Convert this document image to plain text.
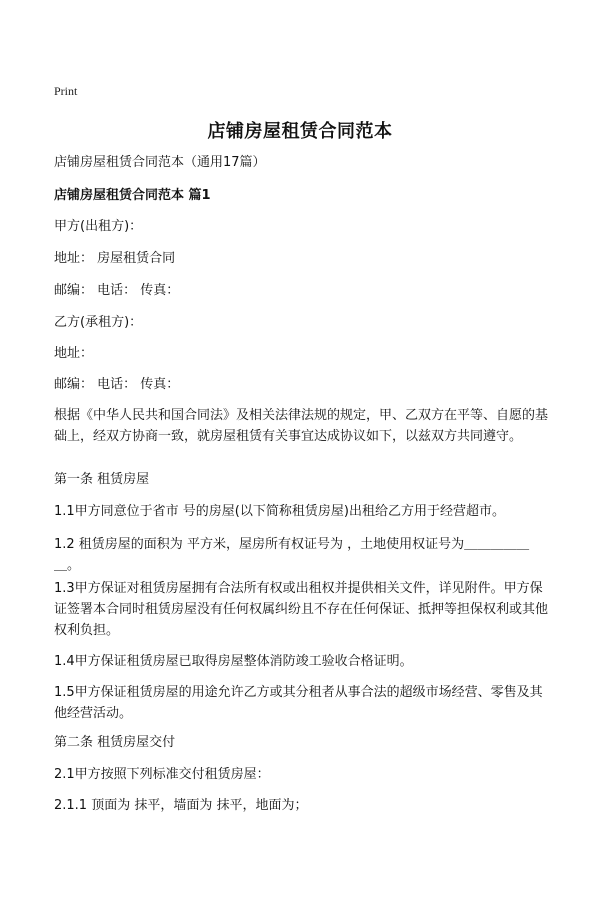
Print
店铺房屋租赁合同范本
店铺房屋租赁合同范本（通用17篇）
店铺房屋租赁合同范本 篇1
甲方(出租方)：
地址： 房屋租赁合同
邮编： 电话： 传真：
乙方(承租方)：
地址：
邮编： 电话： 传真：
根据《中华人民共和国合同法》及相关法律法规的规定，甲、乙双方在平等、自愿的基础上，经双方协商一致，就房屋租赁有关事宜达成协议如下，以兹双方共同遵守。
第一条 租赁房屋
1.1甲方同意位于省市 号的房屋(以下简称租赁房屋)出租给乙方用于经营超市。
1.2 租赁房屋的面积为 平方米，屋房所有权证号为 ，土地使用权证号为＿＿＿＿＿＿。
1.3甲方保证对租赁房屋拥有合法所有权或出租权并提供相关文件，详见附件。甲方保证签署本合同时租赁房屋没有任何权属纠纷且不存在任何保证、抵押等担保权利或其他权利负担。
1.4甲方保证租赁房屋已取得房屋整体消防竣工验收合格证明。
1.5甲方保证租赁房屋的用途允许乙方或其分租者从事合法的超级市场经营、零售及其他经营活动。
第二条 租赁房屋交付
2.1甲方按照下列标准交付租赁房屋：
2.1.1 顶面为 抹平，墙面为 抹平，地面为；
